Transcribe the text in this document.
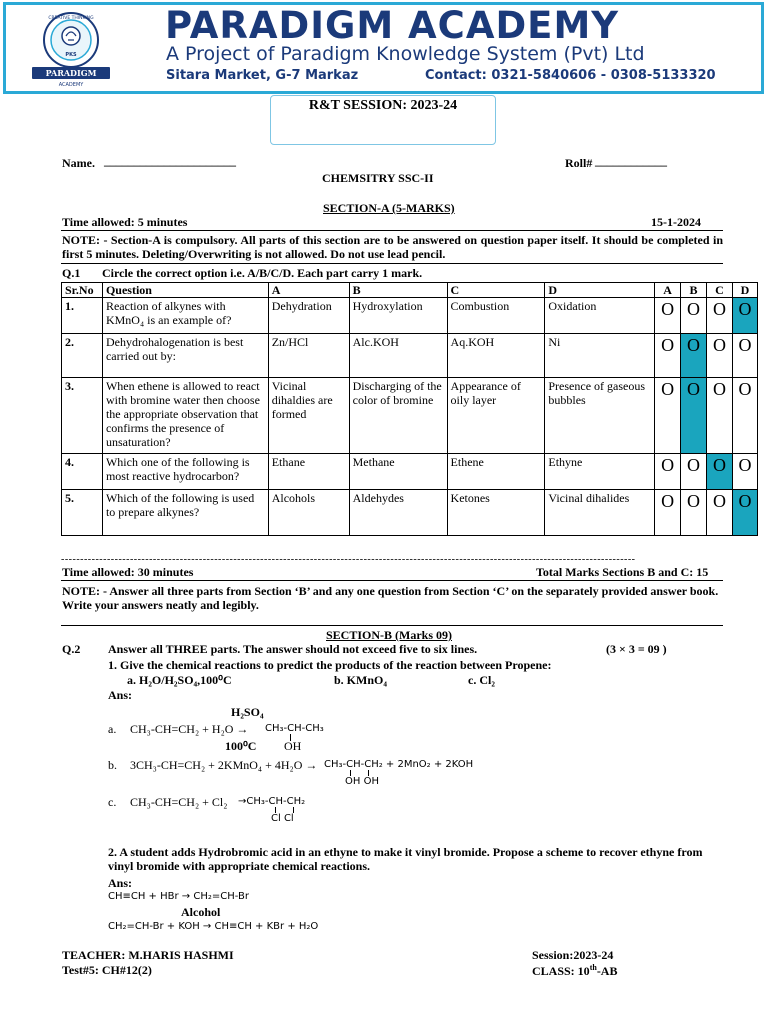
CREATIVE THINKING
PKS
PARADIGM
ACADEMY
PARADIGM ACADEMY
A Project of Paradigm Knowledge System (Pvt) Ltd
Sitara Market, G-7 Markaz	Contact: 0321-5840606 - 0308-5133320
R&T SESSION: 2023-24
Name. ______________________	Roll# ____________
CHEMSITRY SSC-II
SECTION-A (5-MARKS)
Time allowed: 5 minutes	15-1-2024
NOTE: - Section-A is compulsory. All parts of this section are to be answered on question paper itself. It should be completed in first 5 minutes. Deleting/Overwriting is not allowed. Do not use lead pencil.
Q.1 Circle the correct option i.e. A/B/C/D. Each part carry 1 mark.
Sr.No	Question	A	B	C	D	A	B	C	D
1.	Reaction of alkynes with KMnO₄ is an example of?	Dehydration	Hydroxylation	Combustion	Oxidation	O	O	O	O
2.	Dehydrohalogenation is best carried out by:	Zn/HCl	Alc.KOH	Aq.KOH	Ni	O	O	O	O
3.	When ethene is allowed to react with bromine water then choose the appropriate observation that confirms the presence of unsaturation?	Vicinal dihaldies are formed	Discharging of the color of bromine	Appearance of oily layer	Presence of gaseous bubbles	O	O	O	O
4.	Which one of the following is most reactive hydrocarbon?	Ethane	Methane	Ethene	Ethyne	O	O	O	O
5.	Which of the following is used to prepare alkynes?	Alcohols	Aldehydes	Ketones	Vicinal dihalides	O	O	O	O
------------------------------------------------------------------------------------------------------------------------------------------------------
Time allowed: 30 minutes	Total Marks Sections B and C: 15
NOTE: - Answer all three parts from Section ‘B’ and any one question from Section ‘C’ on the separately provided answer book. Write your answers neatly and legibly.
SECTION-B (Marks 09)
Q.2 Answer all THREE parts. The answer should not exceed five to six lines.	(3 × 3 = 09 )
1. Give the chemical reactions to predict the products of the reaction between Propene:
a. H₂O/H₂SO₄,100⁰C	b. KMnO₄	c. Cl₂
Ans:
H₂SO₄
a. CH₃-CH=CH₂ + H₂O → CH₃-CH-CH₃
100⁰C OH
b. 3CH₃-CH=CH₂ + 2KMnO₄ + 4H₂O → CH₃-CH-CH₂ + 2MnO₂ + 2KOH
OH OH
c. CH₃-CH=CH₂ + Cl₂ →CH₃-CH-CH₂
Cl Cl
2. A student adds Hydrobromic acid in an ethyne to make it vinyl bromide. Propose a scheme to recover ethyne from vinyl bromide with appropriate chemical reactions.
Ans:
CH≡CH + HBr → CH₂=CH-Br
Alcohol
CH₂=CH-Br + KOH → CH≡CH + KBr + H₂O
TEACHER: M.HARIS HASHMI
Test#5: CH#12(2)
Session:2023-24
CLASS: 10th-AB
